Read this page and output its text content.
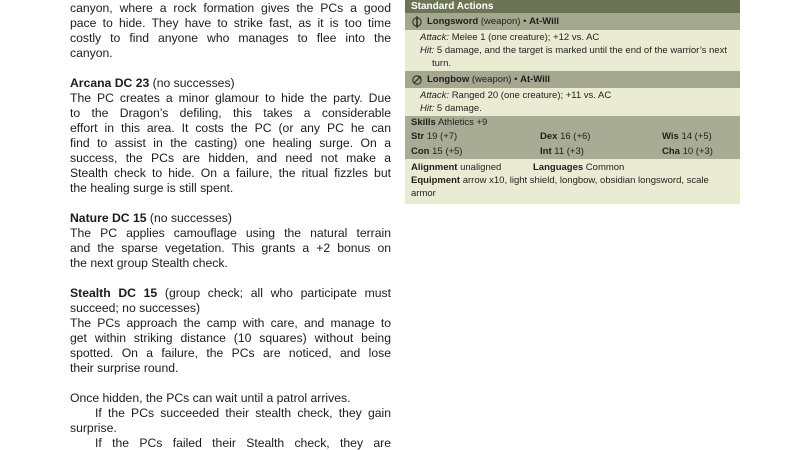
canyon, where a rock formation gives the PCs a good
pace to hide. They have to strike fast, as it is too time
costly to find anyone who manages to flee into the
canyon.
Arcana DC 23 (no successes)
The PC creates a minor glamour to hide the party. Due
to the Dragon’s defiling, this takes a considerable
effort in this area. It costs the PC (or any PC he can
find to assist in the casting) one healing surge. On a
success, the PCs are hidden, and need not make a
Stealth check to hide. On a failure, the ritual fizzles but
the healing surge is still spent.
Nature DC 15 (no successes)
The PC applies camouflage using the natural terrain
and the sparse vegetation. This grants a +2 bonus on
the next group Stealth check.
Stealth DC 15 (group check; all who participate must
succeed; no successes)
The PCs approach the camp with care, and manage to
get within striking distance (10 squares) without being
spotted. On a failure, the PCs are noticed, and lose
their surprise round.
Once hidden, the PCs can wait until a patrol arrives.
If the PCs succeeded their stealth check, they gain
surprise.
If the PCs failed their Stealth check, they are
Standard Actions
Longsword (weapon) • At-Will

Attack: Melee 1 (one creature); +12 vs. AC

Hit: 5 damage, and the target is marked until the end of the warrior’s next turn.

Longbow (weapon) • At-Will

Attack: Ranged 20 (one creature); +11 vs. AC

Hit: 5 damage.

Skills Athletics +9
Str 19 (+7)	Dex 16 (+6)	Wis 14 (+5)
Con 15 (+5)	Int 11 (+3)	Cha 10 (+3)

Alignment unaligned	Languages Common

Equipment arrow x10, light shield, longbow, obsidian longsword, scale armor
